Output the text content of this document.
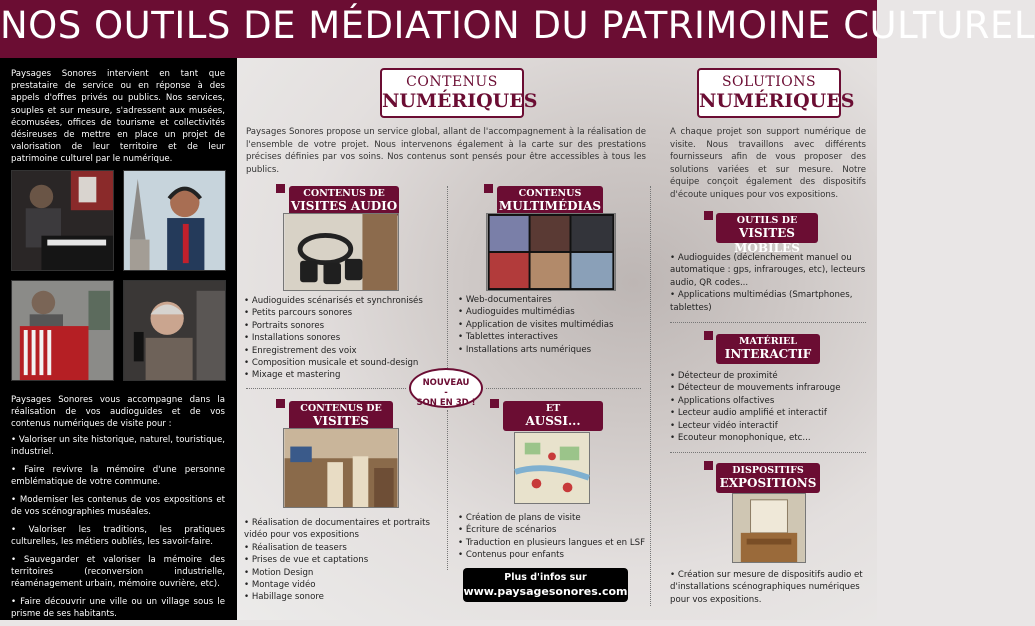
NOS OUTILS DE MÉDIATION DU PATRIMOINE CULTUREL

Paysages Sonores intervient en tant que prestataire de service ou en réponse à des appels d'offres privés ou publics. Nos services, souples et sur mesure, s'adressent aux musées, écomusées, offices de tourisme et collectivités désireuses de mettre en place un projet de valorisation de leur territoire et de leur patrimoine culturel par le numérique.

Paysages Sonores vous accompagne dans la réalisation de vos audioguides et de vos contenus numériques de visite pour :

• Valoriser un site historique, naturel, touristique, industriel.
• Faire revivre la mémoire d'une personne emblématique de votre commune.
• Moderniser les contenus de vos expositions et de vos scénographies muséales.
• Valoriser les traditions, les pratiques culturelles, les métiers oubliés, les savoir-faire.
• Sauvegarder et valoriser la mémoire des territoires (reconversion industrielle, réaménagement urbain, mémoire ouvrière, etc).
• Faire découvrir une ville ou un village sous le prisme de ses habitants.
CONTENUS
NUMÉRIQUES

Paysages Sonores propose un service global, allant de l'accompagnement à la réalisation de l'ensemble de votre projet. Nous intervenons également à la carte sur des prestations précises définies par vos soins. Nos contenus sont pensés pour être accessibles à tous les publics.

SOLUTIONS
NUMÉRIQUES

A chaque projet son support numérique de visite. Nous travaillons avec différents fournisseurs afin de vous proposer des solutions variées et sur mesure. Notre équipe conçoit également des dispositifs d'écoute uniques pour vos expositions.

CONTENUS DE
VISITES AUDIO
• Audioguides scénarisés et synchronisés
• Petits parcours sonores
• Portraits sonores
• Installations sonores
• Enregistrement des voix
• Composition musicale et sound-design
• Mixage et mastering
CONTENUS
MULTIMÉDIAS
• Web-documentaires
• Audioguides multimédias
• Application de visites multimédias
• Tablettes interactives
• Installations arts numériques
NOUVEAU
-
SON EN 3D !
CONTENUS DE
VISITES
• Réalisation de documentaires et portraits vidéo pour vos expositions
• Réalisation de teasers
• Prises de vue et captations
• Motion Design
• Montage vidéo
• Habillage sonore
ET
AUSSI...
• Création de plans de visite
• Écriture de scénarios
• Traduction en plusieurs langues et en LSF
• Contenus pour enfants
Plus d'infos sur
www.paysagesonores.com
OUTILS DE
VISITES MOBILES
• Audioguides (déclenchement manuel ou automatique : gps, infrarouges, etc), lecteurs audio, QR codes...
• Applications multimédias (Smartphones, tablettes)
MATÉRIEL
INTERACTIF
• Détecteur de proximité
• Détecteur de mouvements infrarouge
• Applications olfactives
• Lecteur audio amplifié et interactif
• Lecteur vidéo interactif
• Ecouteur monophonique, etc...
DISPOSITIFS
EXPOSITIONS
• Création sur mesure de dispositifs audio et d'installations scénographiques numériques pour vos expositions.
